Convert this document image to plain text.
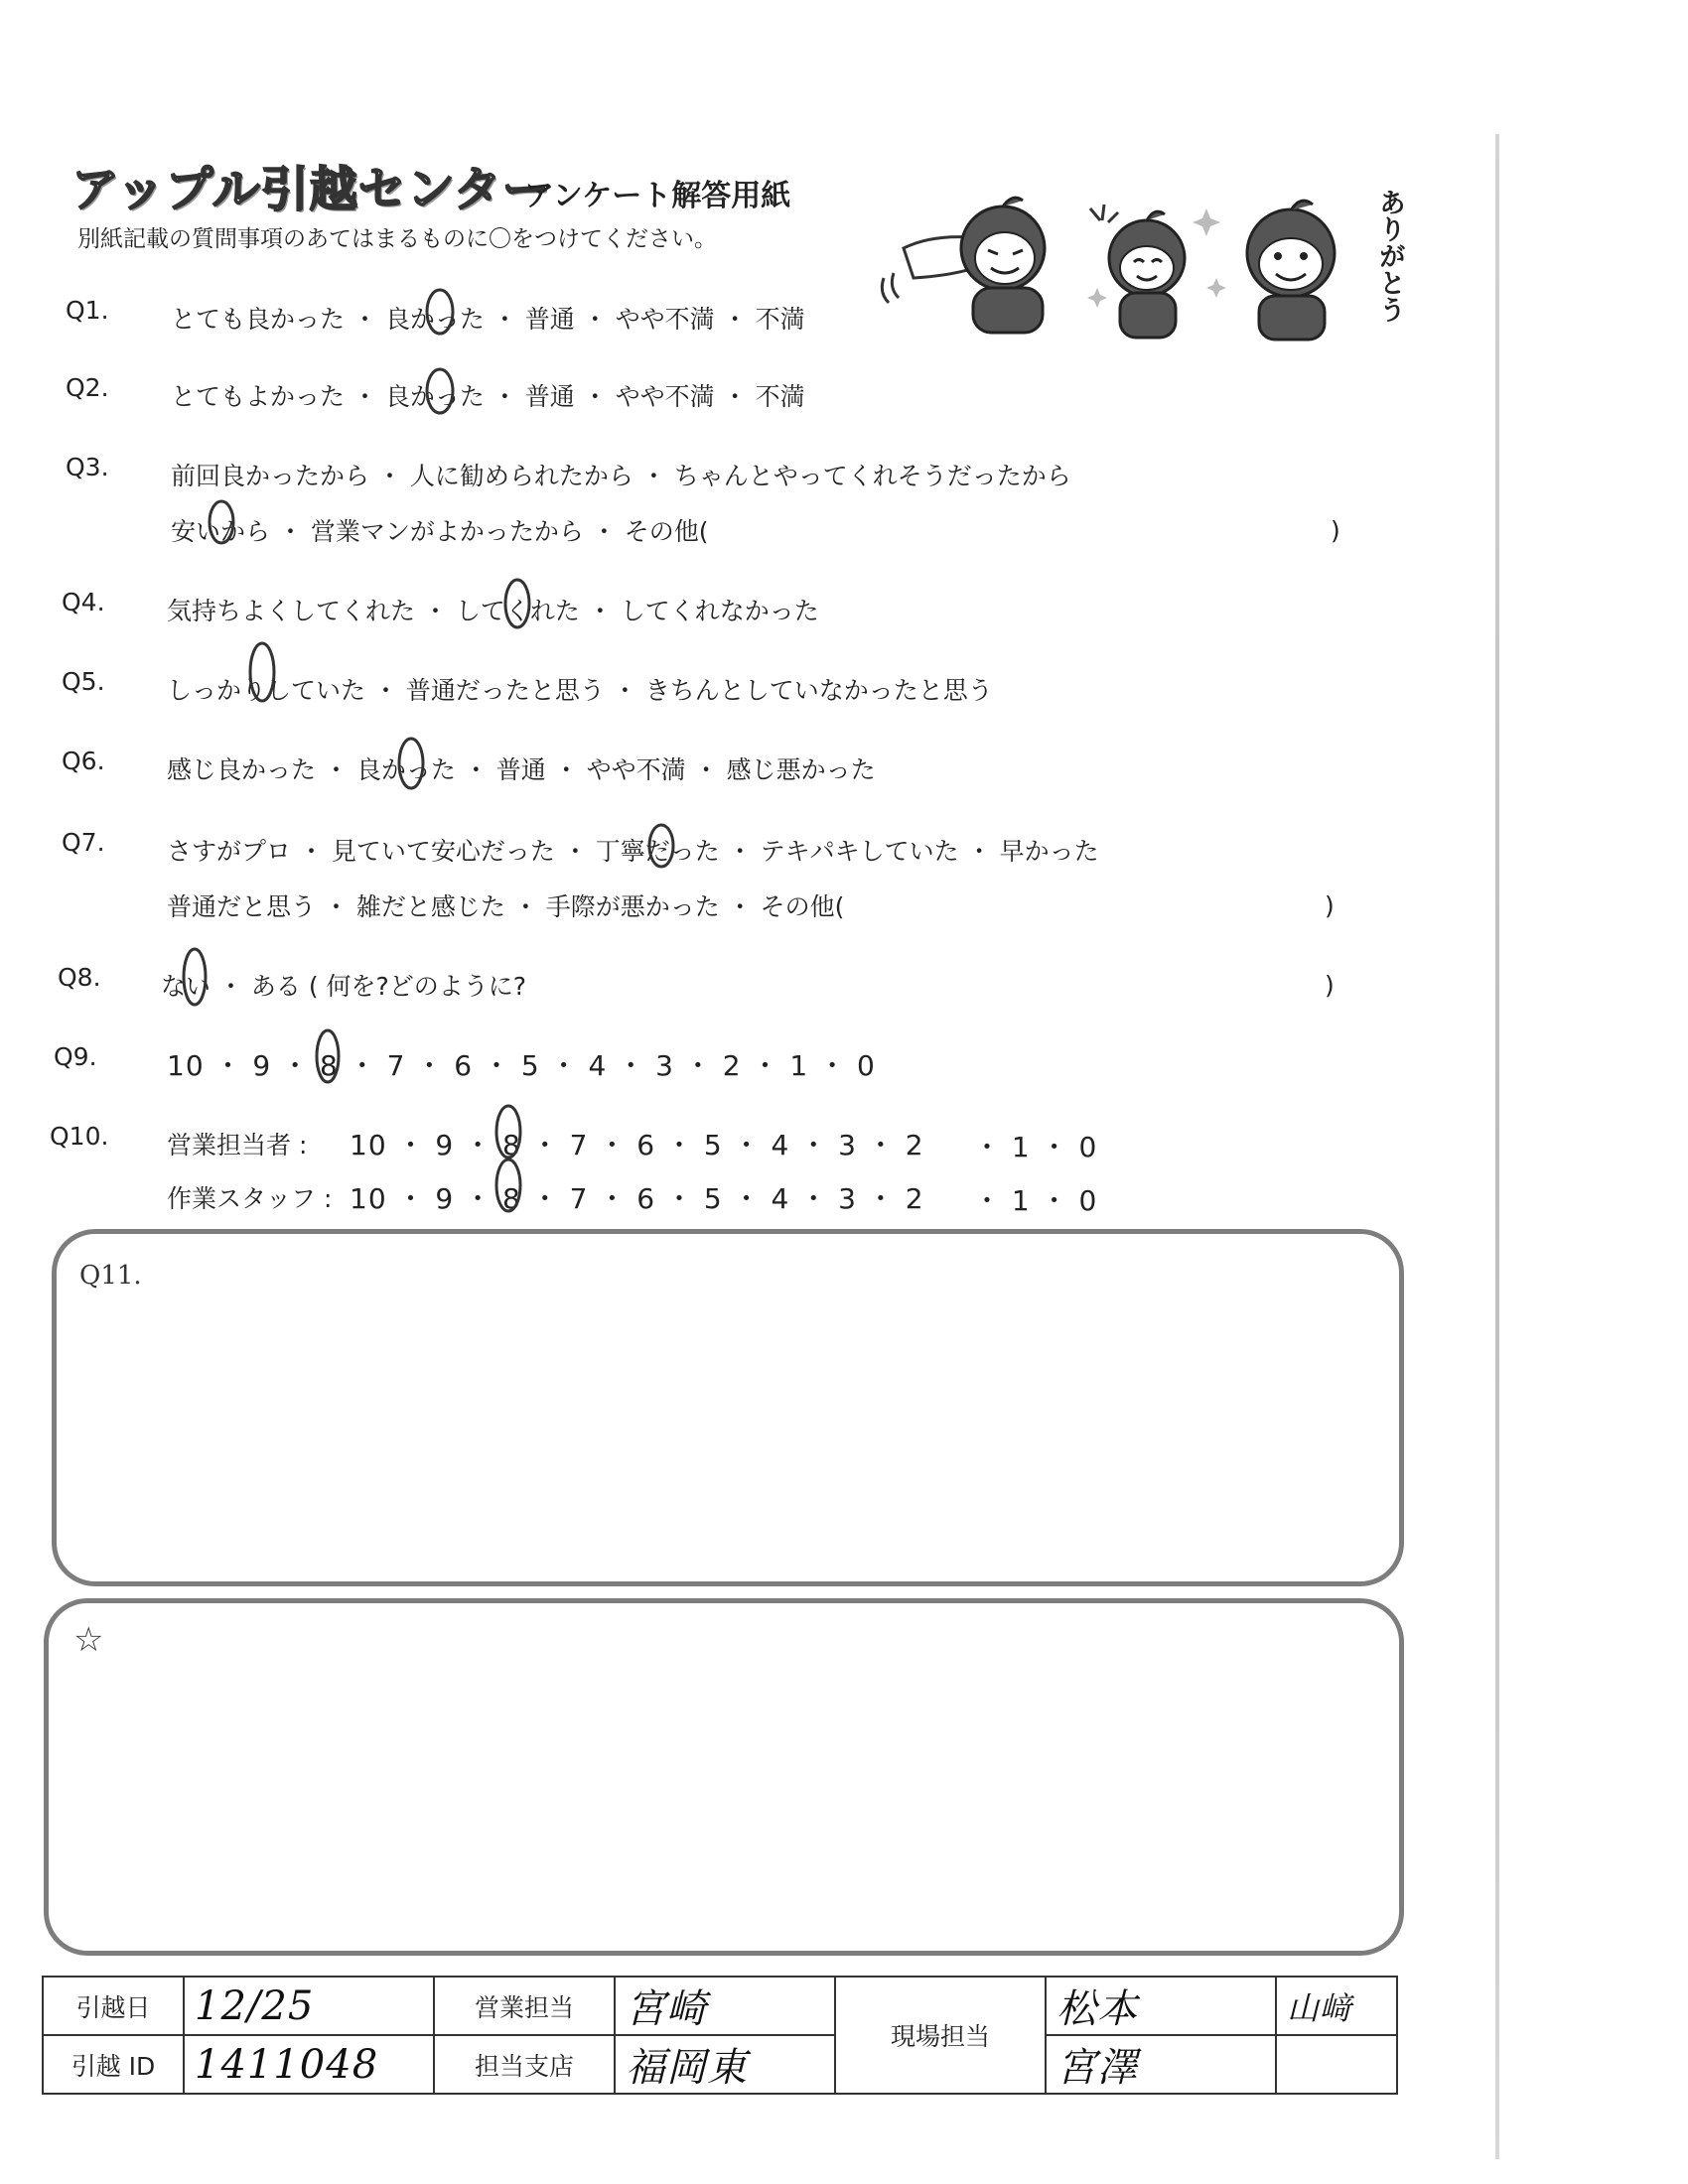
アップル引越センター
アンケート解答用紙
別紙記載の質問事項のあてはまるものに〇をつけてください。	ありがとう
Q1. とても良かった ・ 良かった ・ 普通 ・ やや不満 ・ 不満
Q2. とてもよかった ・ 良かった ・ 普通 ・ やや不満 ・ 不満
Q3. 前回良かったから ・ 人に勧められたから ・ ちゃんとやってくれそうだったから
安いから ・ 営業マンがよかったから ・ その他(	)
Q4. 気持ちよくしてくれた ・ してくれた ・ してくれなかった
Q5. しっかりしていた ・ 普通だったと思う ・ きちんとしていなかったと思う
Q6. 感じ良かった ・ 良かった ・ 普通 ・ やや不満 ・ 感じ悪かった
Q7. さすがプロ ・ 見ていて安心だった ・ 丁寧だった ・ テキパキしていた ・ 早かった
普通だと思う ・ 雑だと感じた ・ 手際が悪かった ・ その他(	)
Q8. ない ・ ある ( 何を?どのように?	)
Q9.	10 ・ 9 ・ 8 ・ 7 ・ 6 ・ 5 ・ 4 ・ 3 ・ 2 ・ 1 ・ 0
Q10. 営業担当者 : 10 ・ 9 ・ 8 ・ 7 ・ 6 ・ 5 ・ 4 ・ 3 ・ 2 ・ 1 ・ 0
作業スタッフ : 10 ・ 9 ・ 8 ・ 7 ・ 6 ・ 5 ・ 4 ・ 3 ・ 2 ・ 1 ・ 0
Q11.
☆
引越日	12/25	営業担当	宮崎	現場担当	松本	山﨑
引越 ID	1411048	担当支店	福岡東		宮澤	
